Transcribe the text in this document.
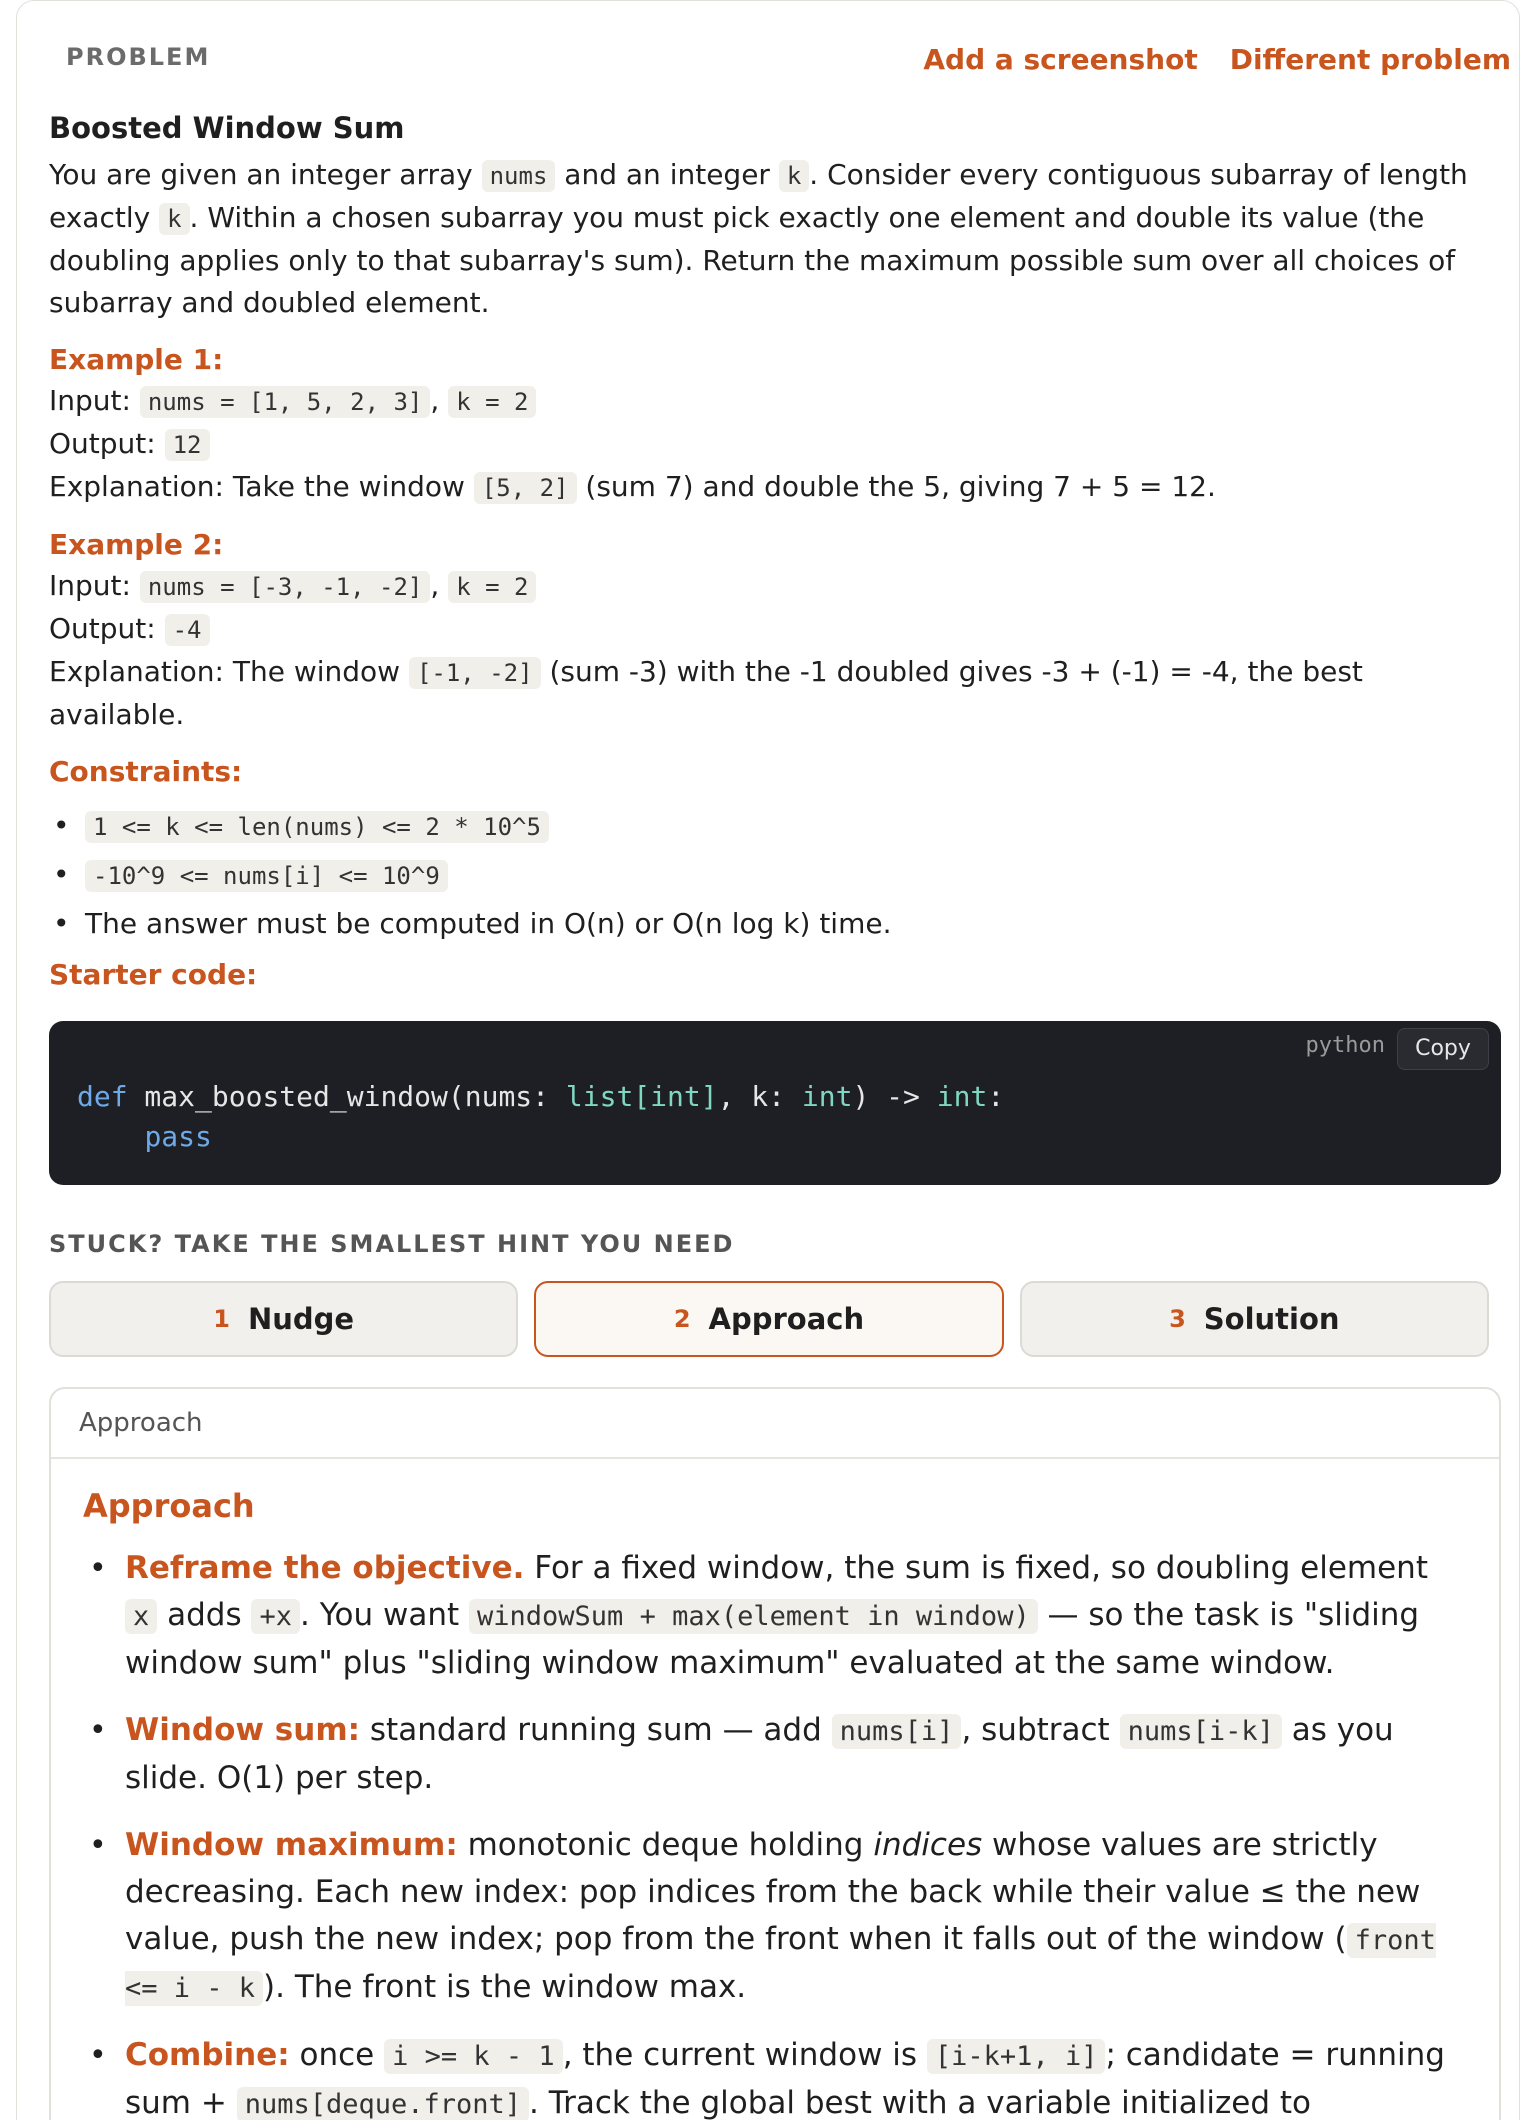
PROBLEM	Add a screenshot Different problem
Boosted Window Sum

You are given an integer array nums and an integer k . Consider every contiguous subarray of length exactly k . Within a chosen subarray you must pick exactly one element and double its value (the doubling applies only to that subarray's sum). Return the maximum possible sum over all choices of subarray and doubled element.

Example 1:
Input: nums = [1, 5, 2, 3] , k = 2
Output: 12
Explanation: Take the window [5, 2] (sum 7) and double the 5, giving 7 + 5 = 12.
Example 2:
Input: nums = [-3, -1, -2] , k = 2
Output: -4
Explanation: The window [-1, -2] (sum -3) with the -1 doubled gives -3 + (-1) = -4, the best available.
Constraints:
• 1 <= k <= len(nums) <= 2 * 10^5
• -10^9 <= nums[i] <= 10^9
• The answer must be computed in O(n) or O(n log k) time.
Starter code:
python	Copy
def max_boosted_window(nums: list[int], k: int) -> int:
pass
STUCK? TAKE THE SMALLEST HINT YOU NEED
1 Nudge	2 Approach	3 Solution
Approach
Approach
• Reframe the objective. For a fixed window, the sum is fixed, so doubling element x adds +x . You want windowSum + max(element in window) — so the task is "sliding window sum" plus "sliding window maximum" evaluated at the same window.
• Window sum: standard running sum — add nums[i] , subtract nums[i-k] as you slide. O(1) per step.
• Window maximum: monotonic deque holding indices whose values are strictly decreasing. Each new index: pop indices from the back while their value ≤ the new value, push the new index; pop from the front when it falls out of the window ( front <= i - k ). The front is the window max.
• Combine: once i >= k - 1 , the current window is [i-k+1, i] ; candidate = running sum + nums[deque.front] . Track the global best with a variable initialized to
